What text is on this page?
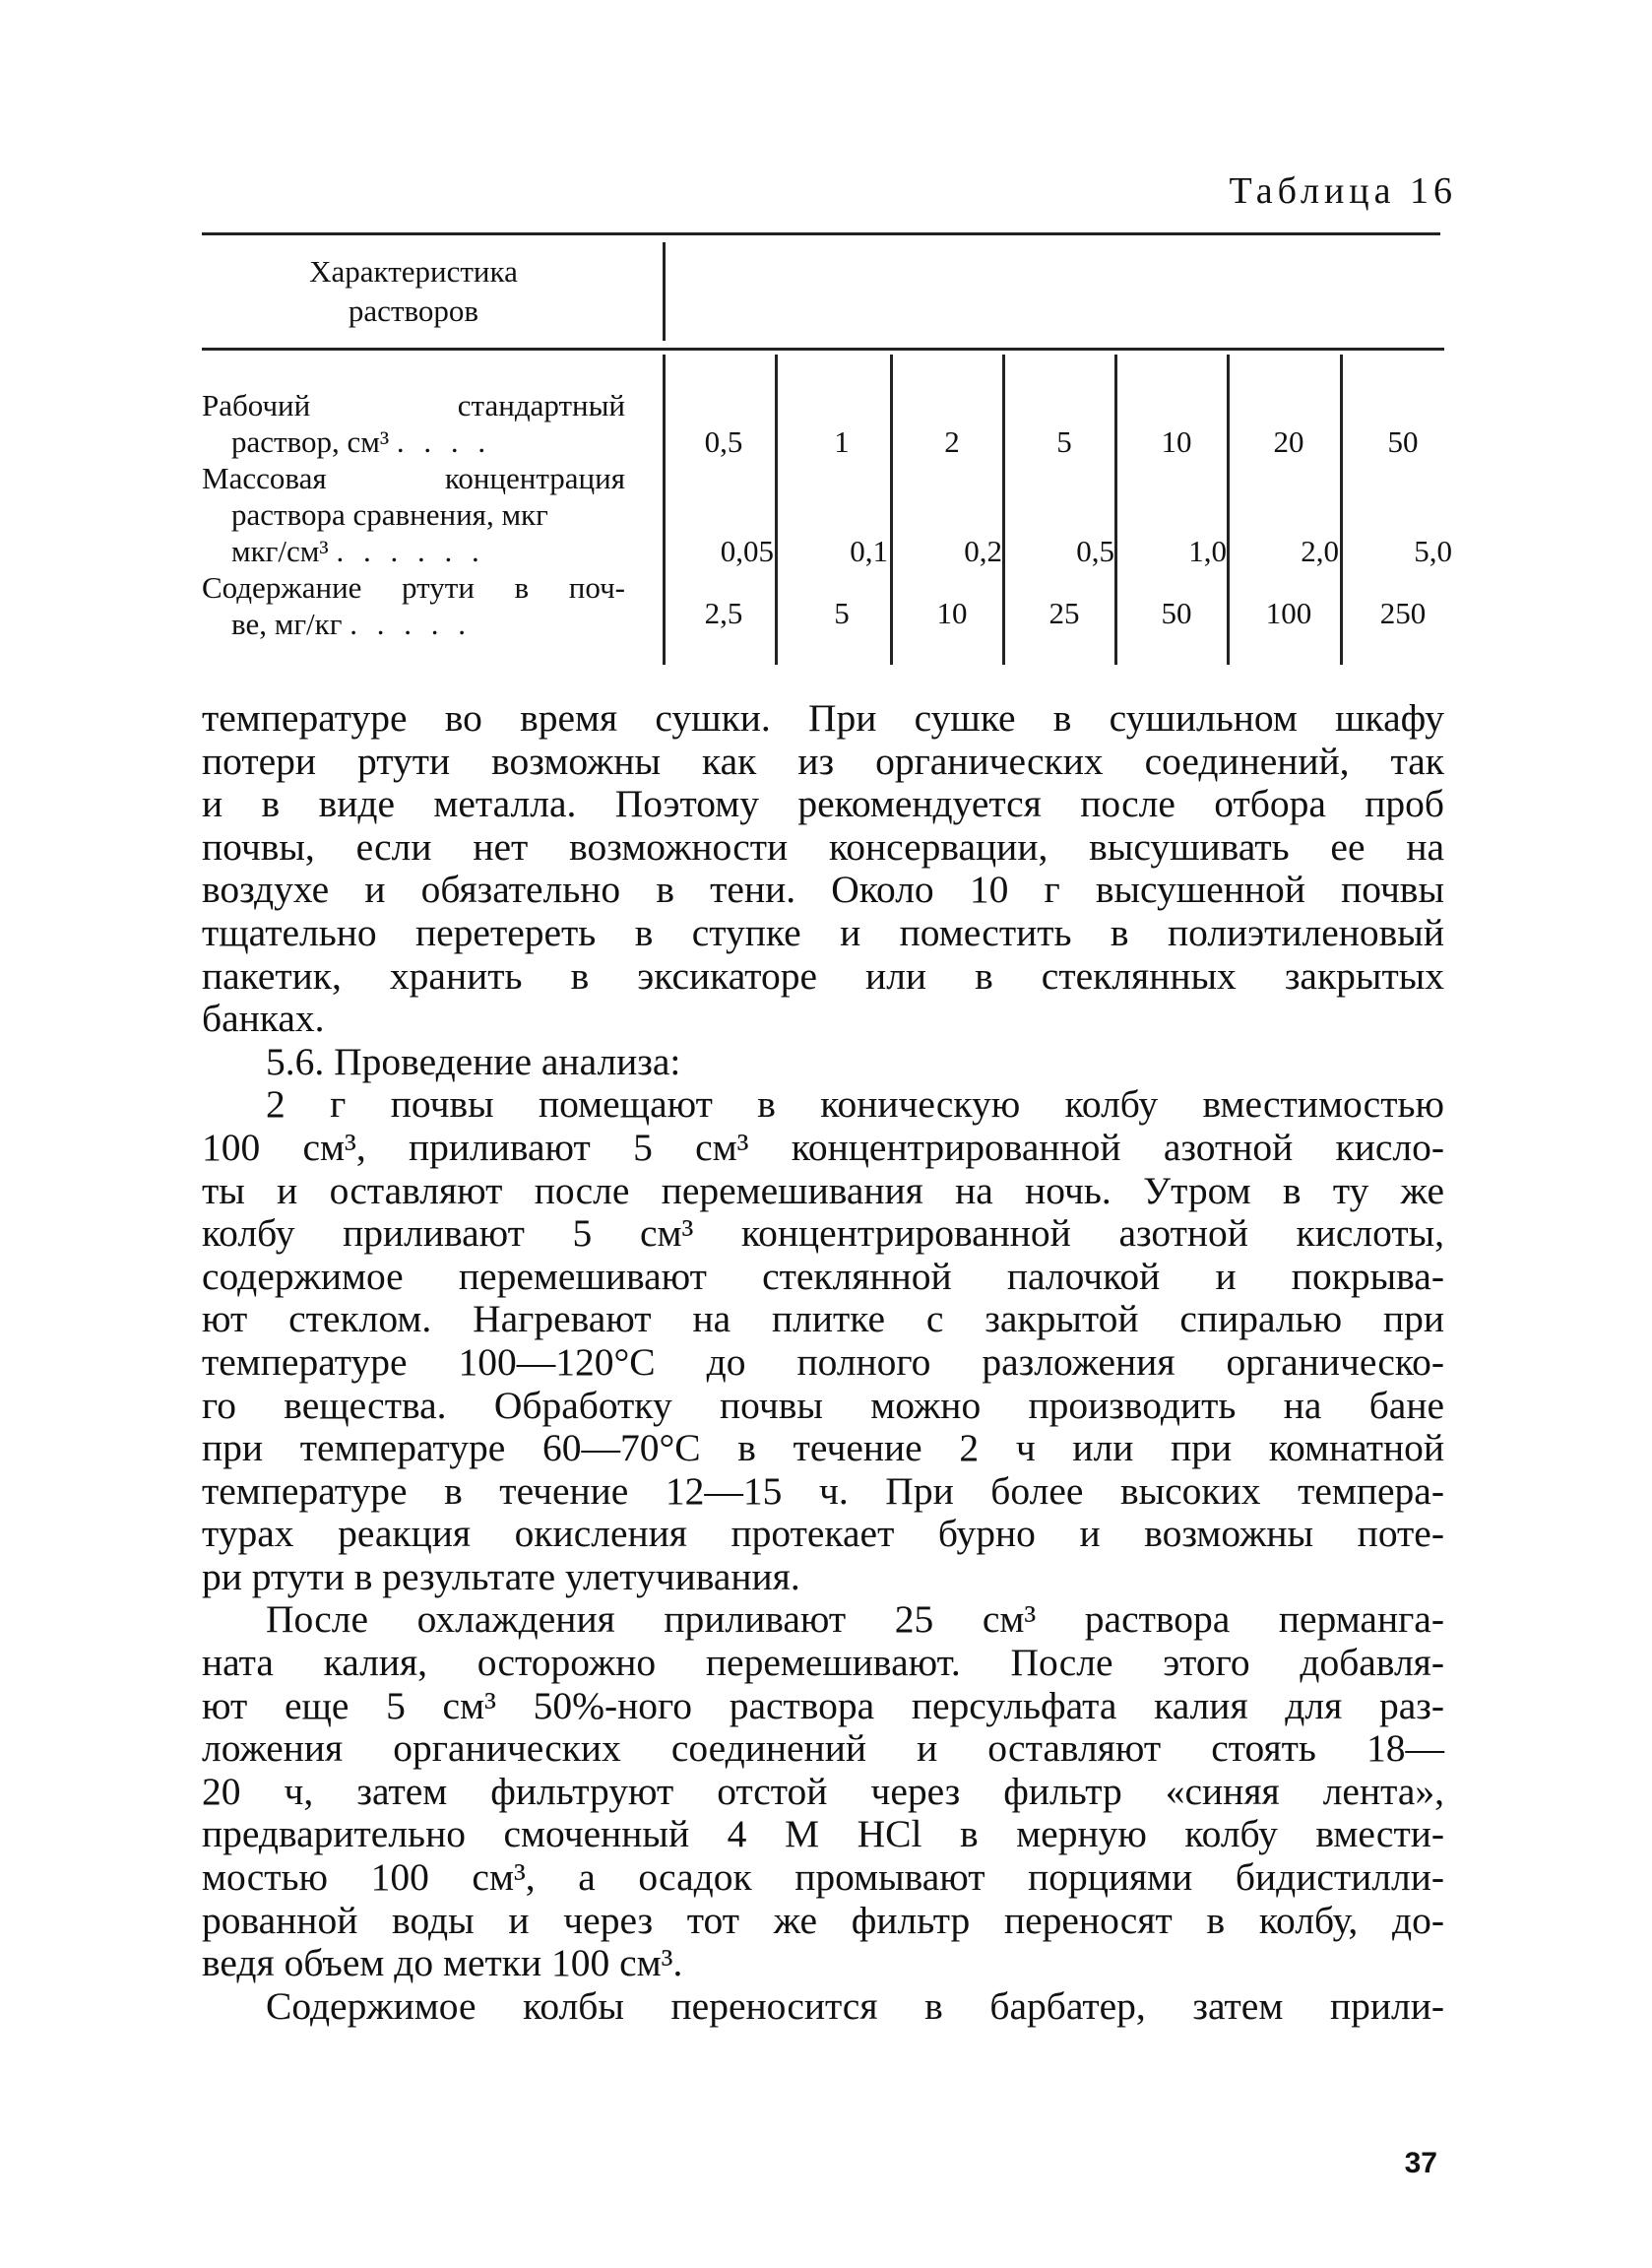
Таблица 16
Характеристика
растворов
Рабочий стандартный
раствор, см³ . . . .	0,5	1	2	5	10	20	50
Массовая концентрация
раствора сравнения, мкг
мкг/см³ . . . . . .	0,05	0,1	0,2	0,5	1,0	2,0	5,0
Содержание ртути в поч-
ве, мг/кг . . . . .	2,5	5	10	25	50	100	250
температуре во время сушки. При сушке в сушильном шкафу
потери ртути возможны как из органических соединений, так
и в виде металла. Поэтому рекомендуется после отбора проб
почвы, если нет возможности консервации, высушивать ее на
воздухе и обязательно в тени. Около 10 г высушенной почвы
тщательно перетереть в ступке и поместить в полиэтиленовый
пакетик, хранить в эксикаторе или в стеклянных закрытых
банках.
5.6. Проведение анализа:
2 г почвы помещают в коническую колбу вместимостью
100 см³, приливают 5 см³ концентрированной азотной кисло-
ты и оставляют после перемешивания на ночь. Утром в ту же
колбу приливают 5 см³ концентрированной азотной кислоты,
содержимое перемешивают стеклянной палочкой и покрыва-
ют стеклом. Нагревают на плитке с закрытой спиралью при
температуре 100—120°С до полного разложения органическо-
го вещества. Обработку почвы можно производить на бане
при температуре 60—70°С в течение 2 ч или при комнатной
температуре в течение 12—15 ч. При более высоких темпера-
турах реакция окисления протекает бурно и возможны поте-
ри ртути в результате улетучивания.
После охлаждения приливают 25 см³ раствора перманга-
ната калия, осторожно перемешивают. После этого добавля-
ют еще 5 см³ 50%-ного раствора персульфата калия для раз-
ложения органических соединений и оставляют стоять 18—
20 ч, затем фильтруют отстой через фильтр «синяя лента»,
предварительно смоченный 4 М НСl в мерную колбу вмести-
мостью 100 см³, а осадок промывают порциями бидистилли-
рованной воды и через тот же фильтр переносят в колбу, до-
ведя объем до метки 100 см³.
Содержимое колбы переносится в барбатер, затем прили-
37
